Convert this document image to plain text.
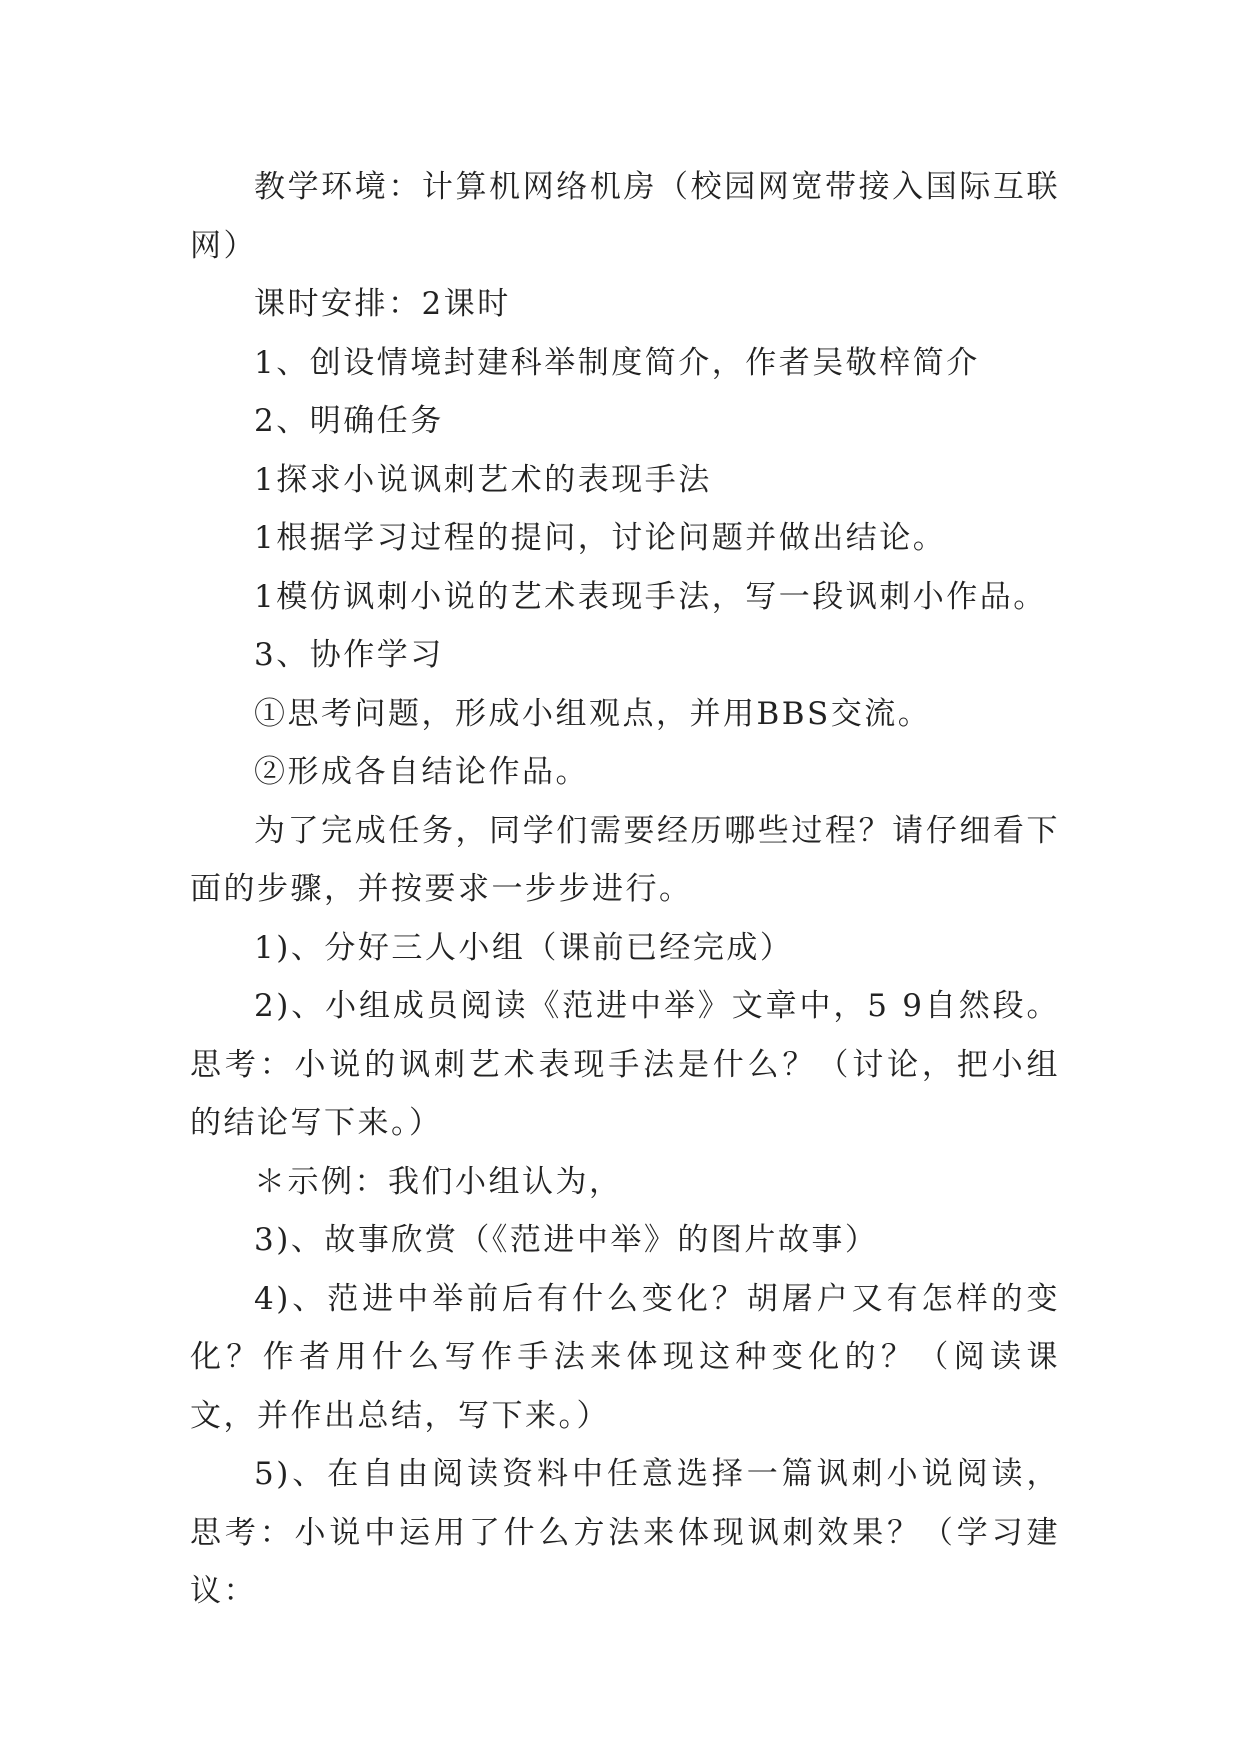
教学环境：计算机网络机房（校园网宽带接入国际互联网）

课时安排：2课时

1、创设情境封建科举制度简介，作者吴敬梓简介

2、明确任务

1探求小说讽刺艺术的表现手法

1根据学习过程的提问，讨论问题并做出结论。

1模仿讽刺小说的艺术表现手法，写一段讽刺小作品。

3、协作学习

①思考问题，形成小组观点，并用BBS交流。

②形成各自结论作品。

为了完成任务，同学们需要经历哪些过程？请仔细看下面的步骤，并按要求一步步进行。

1)、分好三人小组（课前已经完成）

2)、小组成员阅读《范进中举》文章中，5 9自然段。思考：小说的讽刺艺术表现手法是什么？（讨论，把小组的结论写下来。）

＊示例：我们小组认为，

3)、故事欣赏（《范进中举》的图片故事）

4)、范进中举前后有什么变化？胡屠户又有怎样的变化？作者用什么写作手法来体现这种变化的？（阅读课文，并作出总结，写下来。）

5)、在自由阅读资料中任意选择一篇讽刺小说阅读，思考：小说中运用了什么方法来体现讽刺效果？（学习建议：
